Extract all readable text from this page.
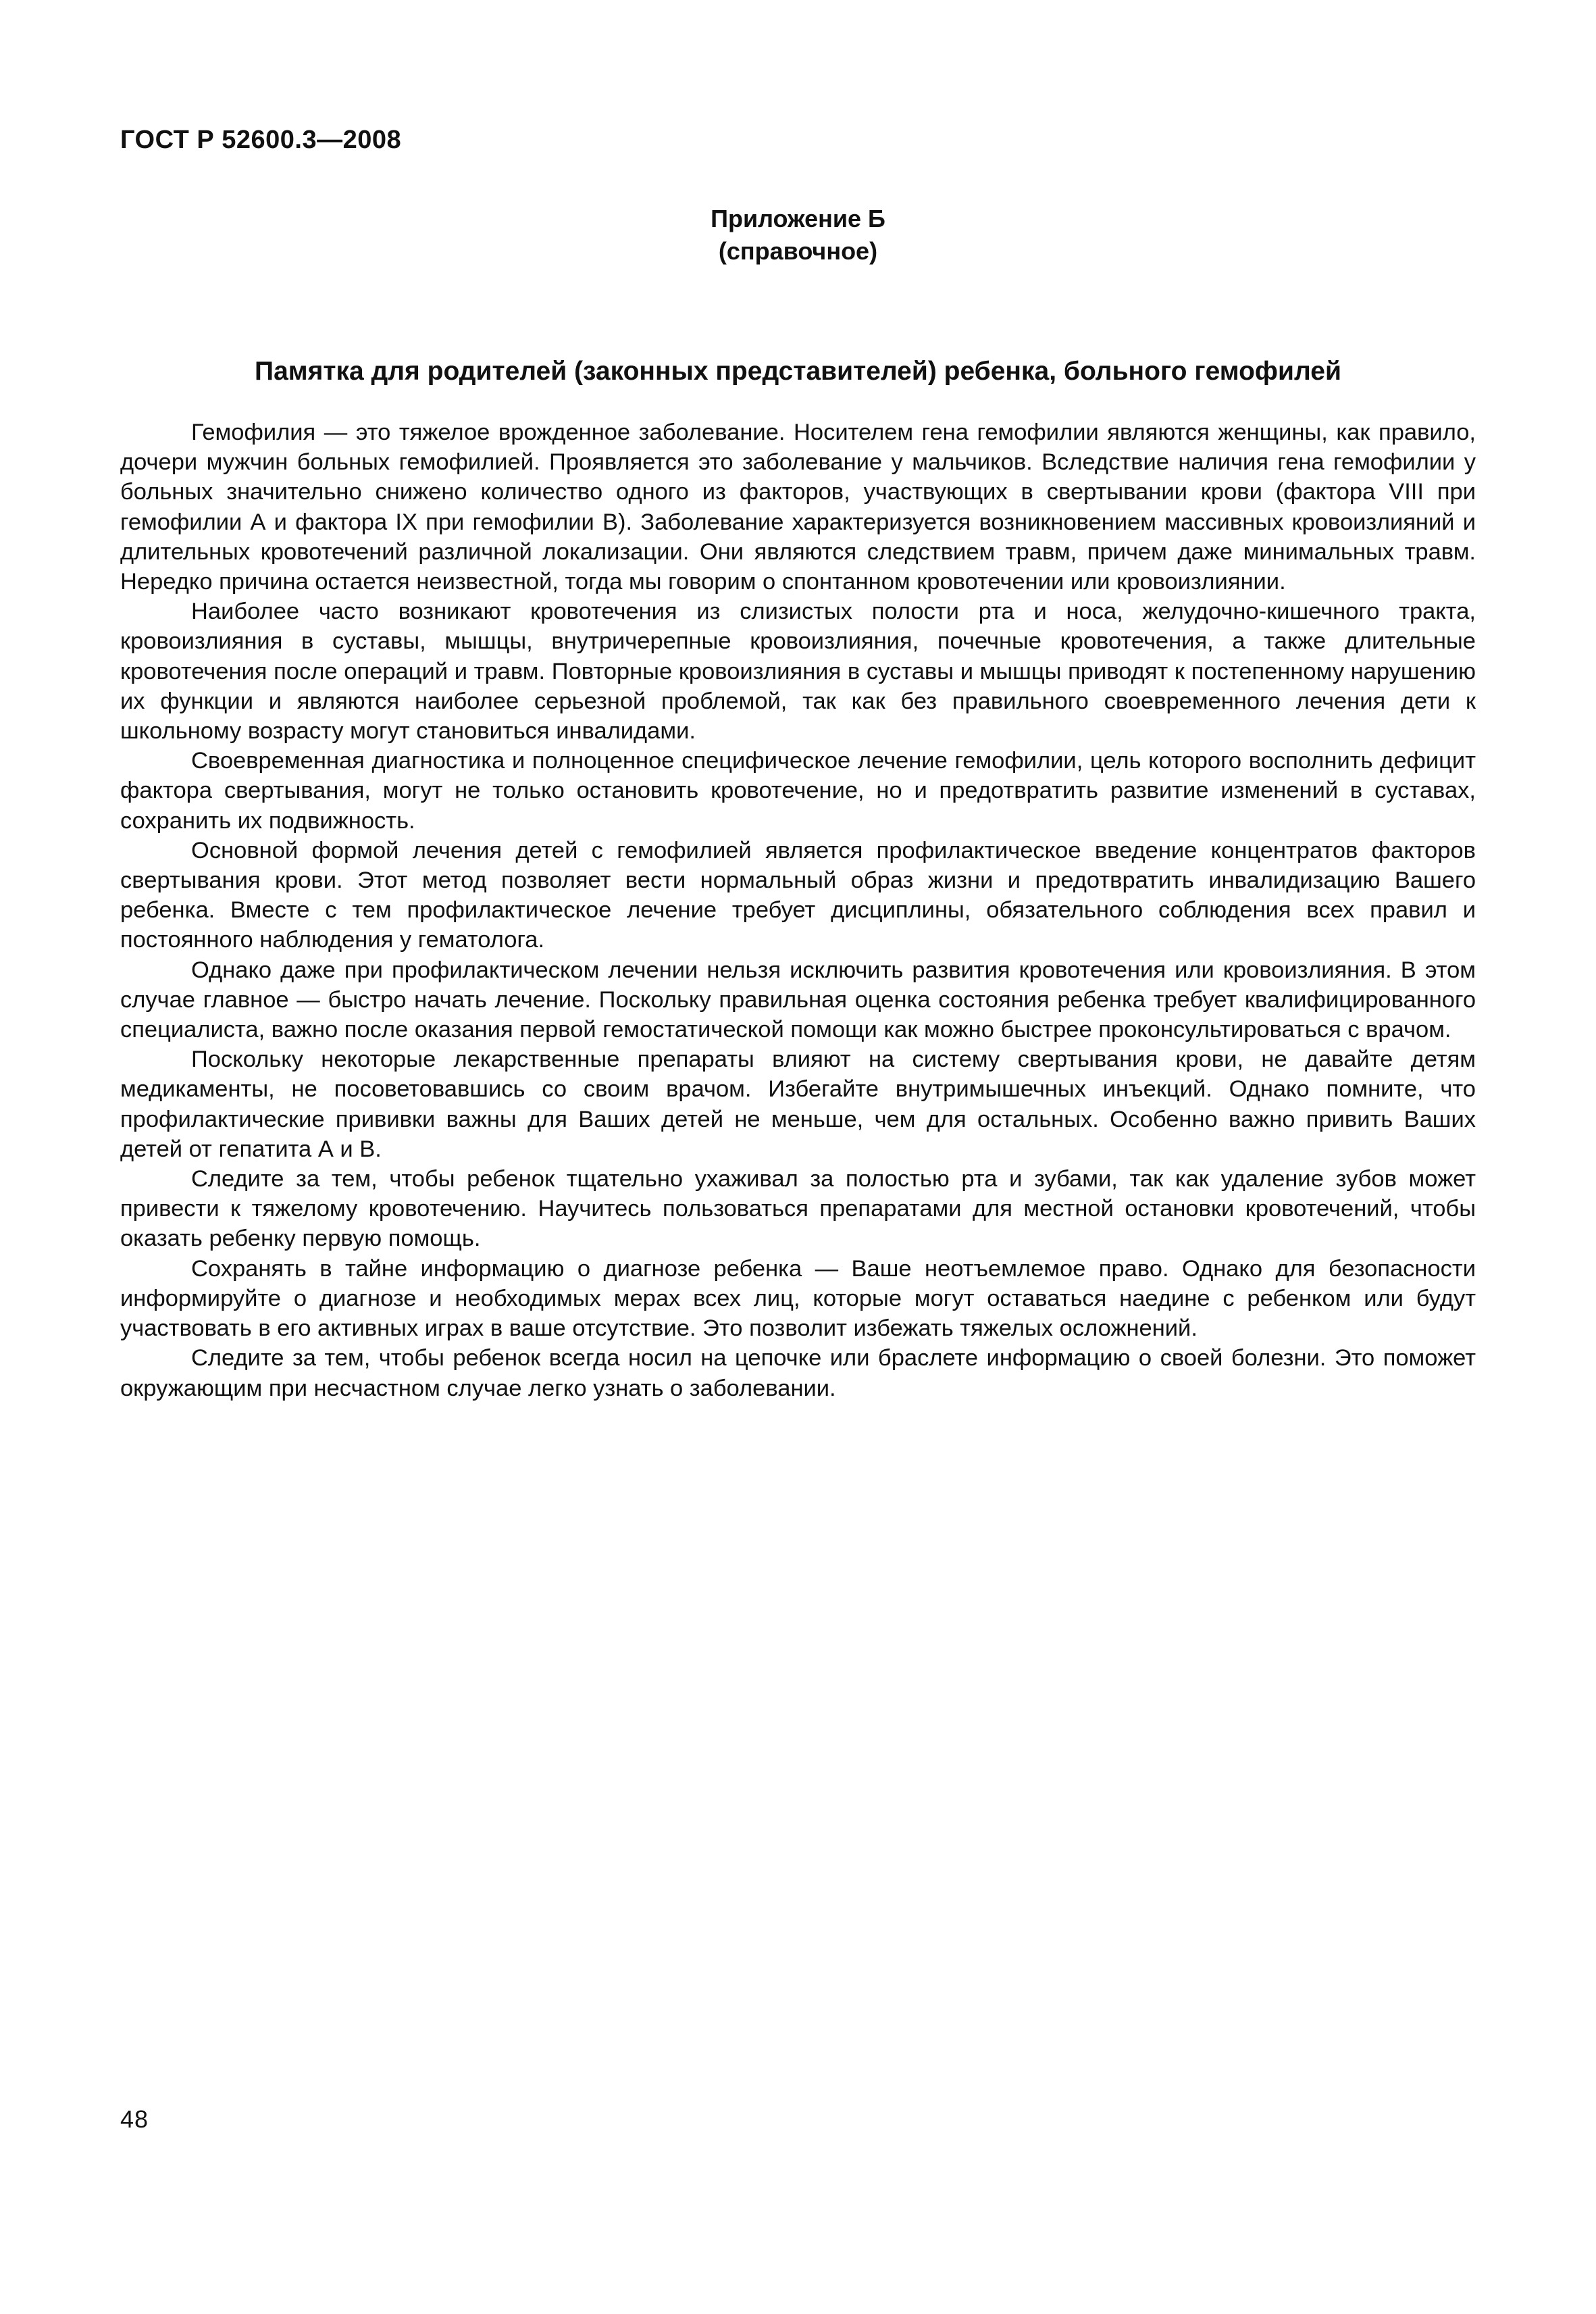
ГОСТ Р 52600.3—2008
Приложение Б
(справочное)
Памятка для родителей (законных представителей) ребенка, больного гемофилей

Гемофилия — это тяжелое врожденное заболевание. Носителем гена гемофилии являются женщины, как правило, дочери мужчин больных гемофилией. Проявляется это заболевание у мальчиков. Вследствие наличия гена гемофилии у больных значительно снижено количество одного из факторов, участвующих в свертывании крови (фактора VIII при гемофилии А и фактора IX при гемофилии В). Заболевание характеризуется возникновением массивных кровоизлияний и длительных кровотечений различной локализации. Они являются следствием травм, причем даже минимальных травм. Нередко причина остается неизвестной, тогда мы говорим о спонтанном кровотечении или кровоизлиянии.

Наиболее часто возникают кровотечения из слизистых полости рта и носа, желудочно-кишечного тракта, кровоизлияния в суставы, мышцы, внутричерепные кровоизлияния, почечные кровотечения, а также длительные кровотечения после операций и травм. Повторные кровоизлияния в суставы и мышцы приводят к постепенному нарушению их функции и являются наиболее серьезной проблемой, так как без правильного своевременного лечения дети к школьному возрасту могут становиться инвалидами.

Своевременная диагностика и полноценное специфическое лечение гемофилии, цель которого восполнить дефицит фактора свертывания, могут не только остановить кровотечение, но и предотвратить развитие изменений в суставах, сохранить их подвижность.

Основной формой лечения детей с гемофилией является профилактическое введение концентратов факторов свертывания крови. Этот метод позволяет вести нормальный образ жизни и предотвратить инвалидизацию Вашего ребенка. Вместе с тем профилактическое лечение требует дисциплины, обязательного соблюдения всех правил и постоянного наблюдения у гематолога.

Однако даже при профилактическом лечении нельзя исключить развития кровотечения или кровоизлияния. В этом случае главное — быстро начать лечение. Поскольку правильная оценка состояния ребенка требует квалифицированного специалиста, важно после оказания первой гемостатической помощи как можно быстрее проконсультироваться с врачом.

Поскольку некоторые лекарственные препараты влияют на систему свертывания крови, не давайте детям медикаменты, не посоветовавшись со своим врачом. Избегайте внутримышечных инъекций. Однако помните, что профилактические прививки важны для Ваших детей не меньше, чем для остальных. Особенно важно привить Ваших детей от гепатита А и В.

Следите за тем, чтобы ребенок тщательно ухаживал за полостью рта и зубами, так как удаление зубов может привести к тяжелому кровотечению. Научитесь пользоваться препаратами для местной остановки кровотечений, чтобы оказать ребенку первую помощь.

Сохранять в тайне информацию о диагнозе ребенка — Ваше неотъемлемое право. Однако для безопасности информируйте о диагнозе и необходимых мерах всех лиц, которые могут оставаться наедине с ребенком или будут участвовать в его активных играх в ваше отсутствие. Это позволит избежать тяжелых осложнений.

Следите за тем, чтобы ребенок всегда носил на цепочке или браслете информацию о своей болезни. Это поможет окружающим при несчастном случае легко узнать о заболевании.

48
